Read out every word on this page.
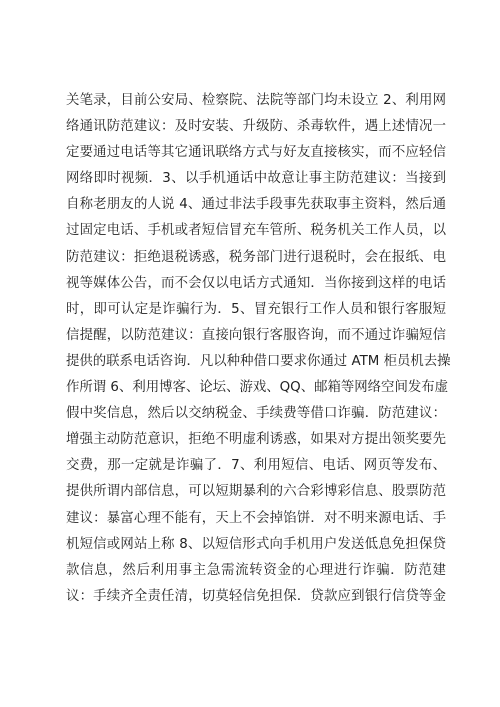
关笔录，目前公安局、检察院、法院等部门均未设立 2、利用网
络通讯防范建议：及时安装、升级防、杀毒软件，遇上述情况一
定要通过电话等其它通讯联络方式与好友直接核实，而不应轻信
网络即时视频．3、以手机通话中故意让事主防范建议：当接到
自称老朋友的人说 4、通过非法手段事先获取事主资料，然后通
过固定电话、手机或者短信冒充车管所、税务机关工作人员，以
防范建议：拒绝退税诱惑，税务部门进行退税时，会在报纸、电
视等媒体公告，而不会仅以电话方式通知．当你接到这样的电话
时，即可认定是诈骗行为．5、冒充银行工作人员和银行客服短
信提醒，以防范建议：直接向银行客服咨询，而不通过诈骗短信
提供的联系电话咨询．凡以种种借口要求你通过 ATM 柜员机去操
作所谓 6、利用博客、论坛、游戏、QQ、邮箱等网络空间发布虚
假中奖信息，然后以交纳税金、手续费等借口诈骗．防范建议：
增强主动防范意识，拒绝不明虚利诱惑，如果对方提出领奖要先
交费，那一定就是诈骗了．7、利用短信、电话、网页等发布、
提供所谓内部信息，可以短期暴利的六合彩博彩信息、股票防范
建议：暴富心理不能有，天上不会掉馅饼．对不明来源电话、手
机短信或网站上称 8、以短信形式向手机用户发送低息免担保贷
款信息，然后利用事主急需流转资金的心理进行诈骗．防范建
议：手续齐全责任清，切莫轻信免担保．贷款应到银行信贷等金
